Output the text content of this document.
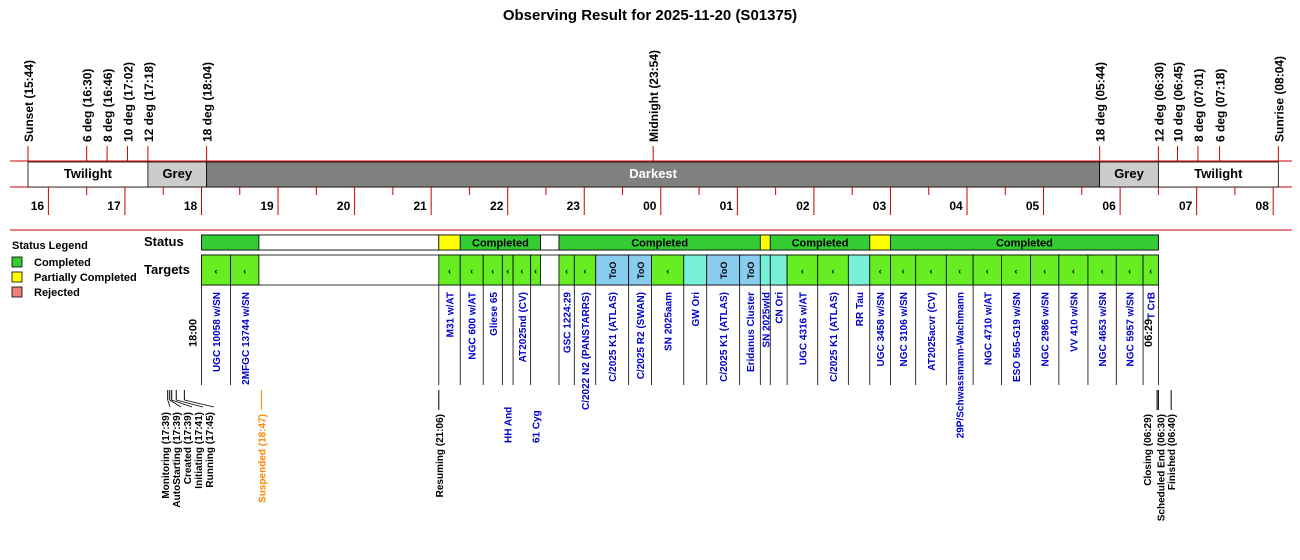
Observing Result for 2025-11-20 (S01375)
Sunset (15:44)	6 deg (16:30) 8 deg (16:46) 10 deg (17:02) 12 deg (17:18)	18 deg (18:04)	Midnight (23:54)	18 deg (05:44)	12 deg (06:30) 10 deg (06:45) 8 deg (07:01) 6 deg (07:18)	Sunrise (08:04)
Twilight	Grey	Darkest	Grey	Twilight
16	17	18	19	20	21	22	23	00	01	02	03	04	05	06	07	08
Status Legend
Completed
Partially Completed
Rejected
Status
Targets
Completed	Completed	Completed	Completed
‹
UGC 10058 w/SN
‹
2MFGC 13744 w/SN
‹
M31 w/AT
‹
NGC 600 w/AT
‹
Gliese 65
‹
HH And
‹
AT2025nd (CV)
‹
61 Cyg
‹
GSC 1224:29
‹
C/2022 N2 (PANSTARRS)
ToO
C/2025 K1 (ATLAS)
ToO
C/2025 R2 (SWAN)
‹
SN 2025aam GW Ori
ToO
C/2025 K1 (ATLAS)
ToO
Eridanus Cluster SN 2025wld CN Ori
‹
UGC 4316 w/AT
‹
C/2025 K1 (ATLAS) RR Tau
‹
UGC 3458 w/SN
‹
NGC 3106 w/SN
‹
AT2025acvr (CV)
‹
29P/Schwassmann-Wachmann
‹
NGC 4710 w/AT
‹
ESO 565-G19 w/SN
‹
NGC 2986 w/SN
‹
VV 410 w/SN
‹
NGC 4653 w/SN
‹
NGC 5957 w/SN
‹
T CrB
18:00	06:29
Monitoring (17:39) AutoStarting (17:39) Created (17:39) Initiating (17:41) Running (17:45)	Suspended (18:47)	Resuming (21:06)	Closing (06:29) Scheduled End (06:30) Finished (06:40)
